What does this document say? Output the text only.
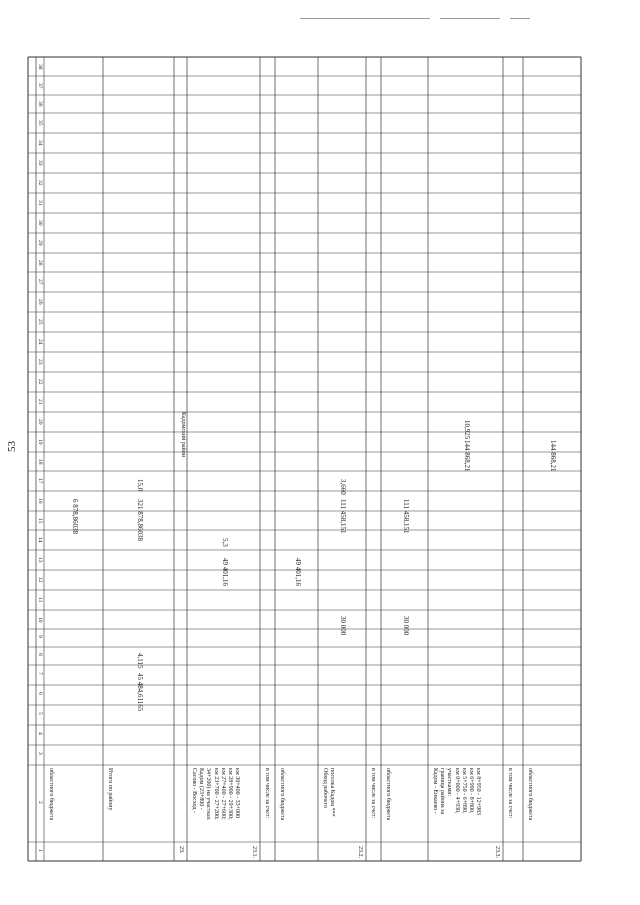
53
1
2
3
4
5
6
7
8
9
10
11
12
13
14
15
16
17
18
19
20
21
22
23
24
25
26
27
28
29
30
31
32
33
34
35
36
37
38
Кадомский район
областного бюджета
6 878,86038
Итого по району
45 484,61165
4,115
321 878,86038
15,0
23.	23.1.
Сасово - Восход - Кадом (23+800 - 34+200) на участках км 23+700 - 27+200; км 27+400 - 27+600; км 28+900 - 29+300; км 30+400 - 33+000
49 401,16
5,3
в том числе за счет: областного бюджета
49 401,16
23.2.
Обход рабочего поселка Кадом ***
30 000
111 458,151
3,660
в том числе за счет: областного бюджета
30 000
111 458,151
23.3.
Кадом - Енкаево - граница района за участками: км 0+000 - 4+930, км 5+750 - 6+890, км 6+990 - 8+800, км 8+950 - 12+983
144 868,21
10,925
в том числе за счет: областного бюджета
144 868,21
